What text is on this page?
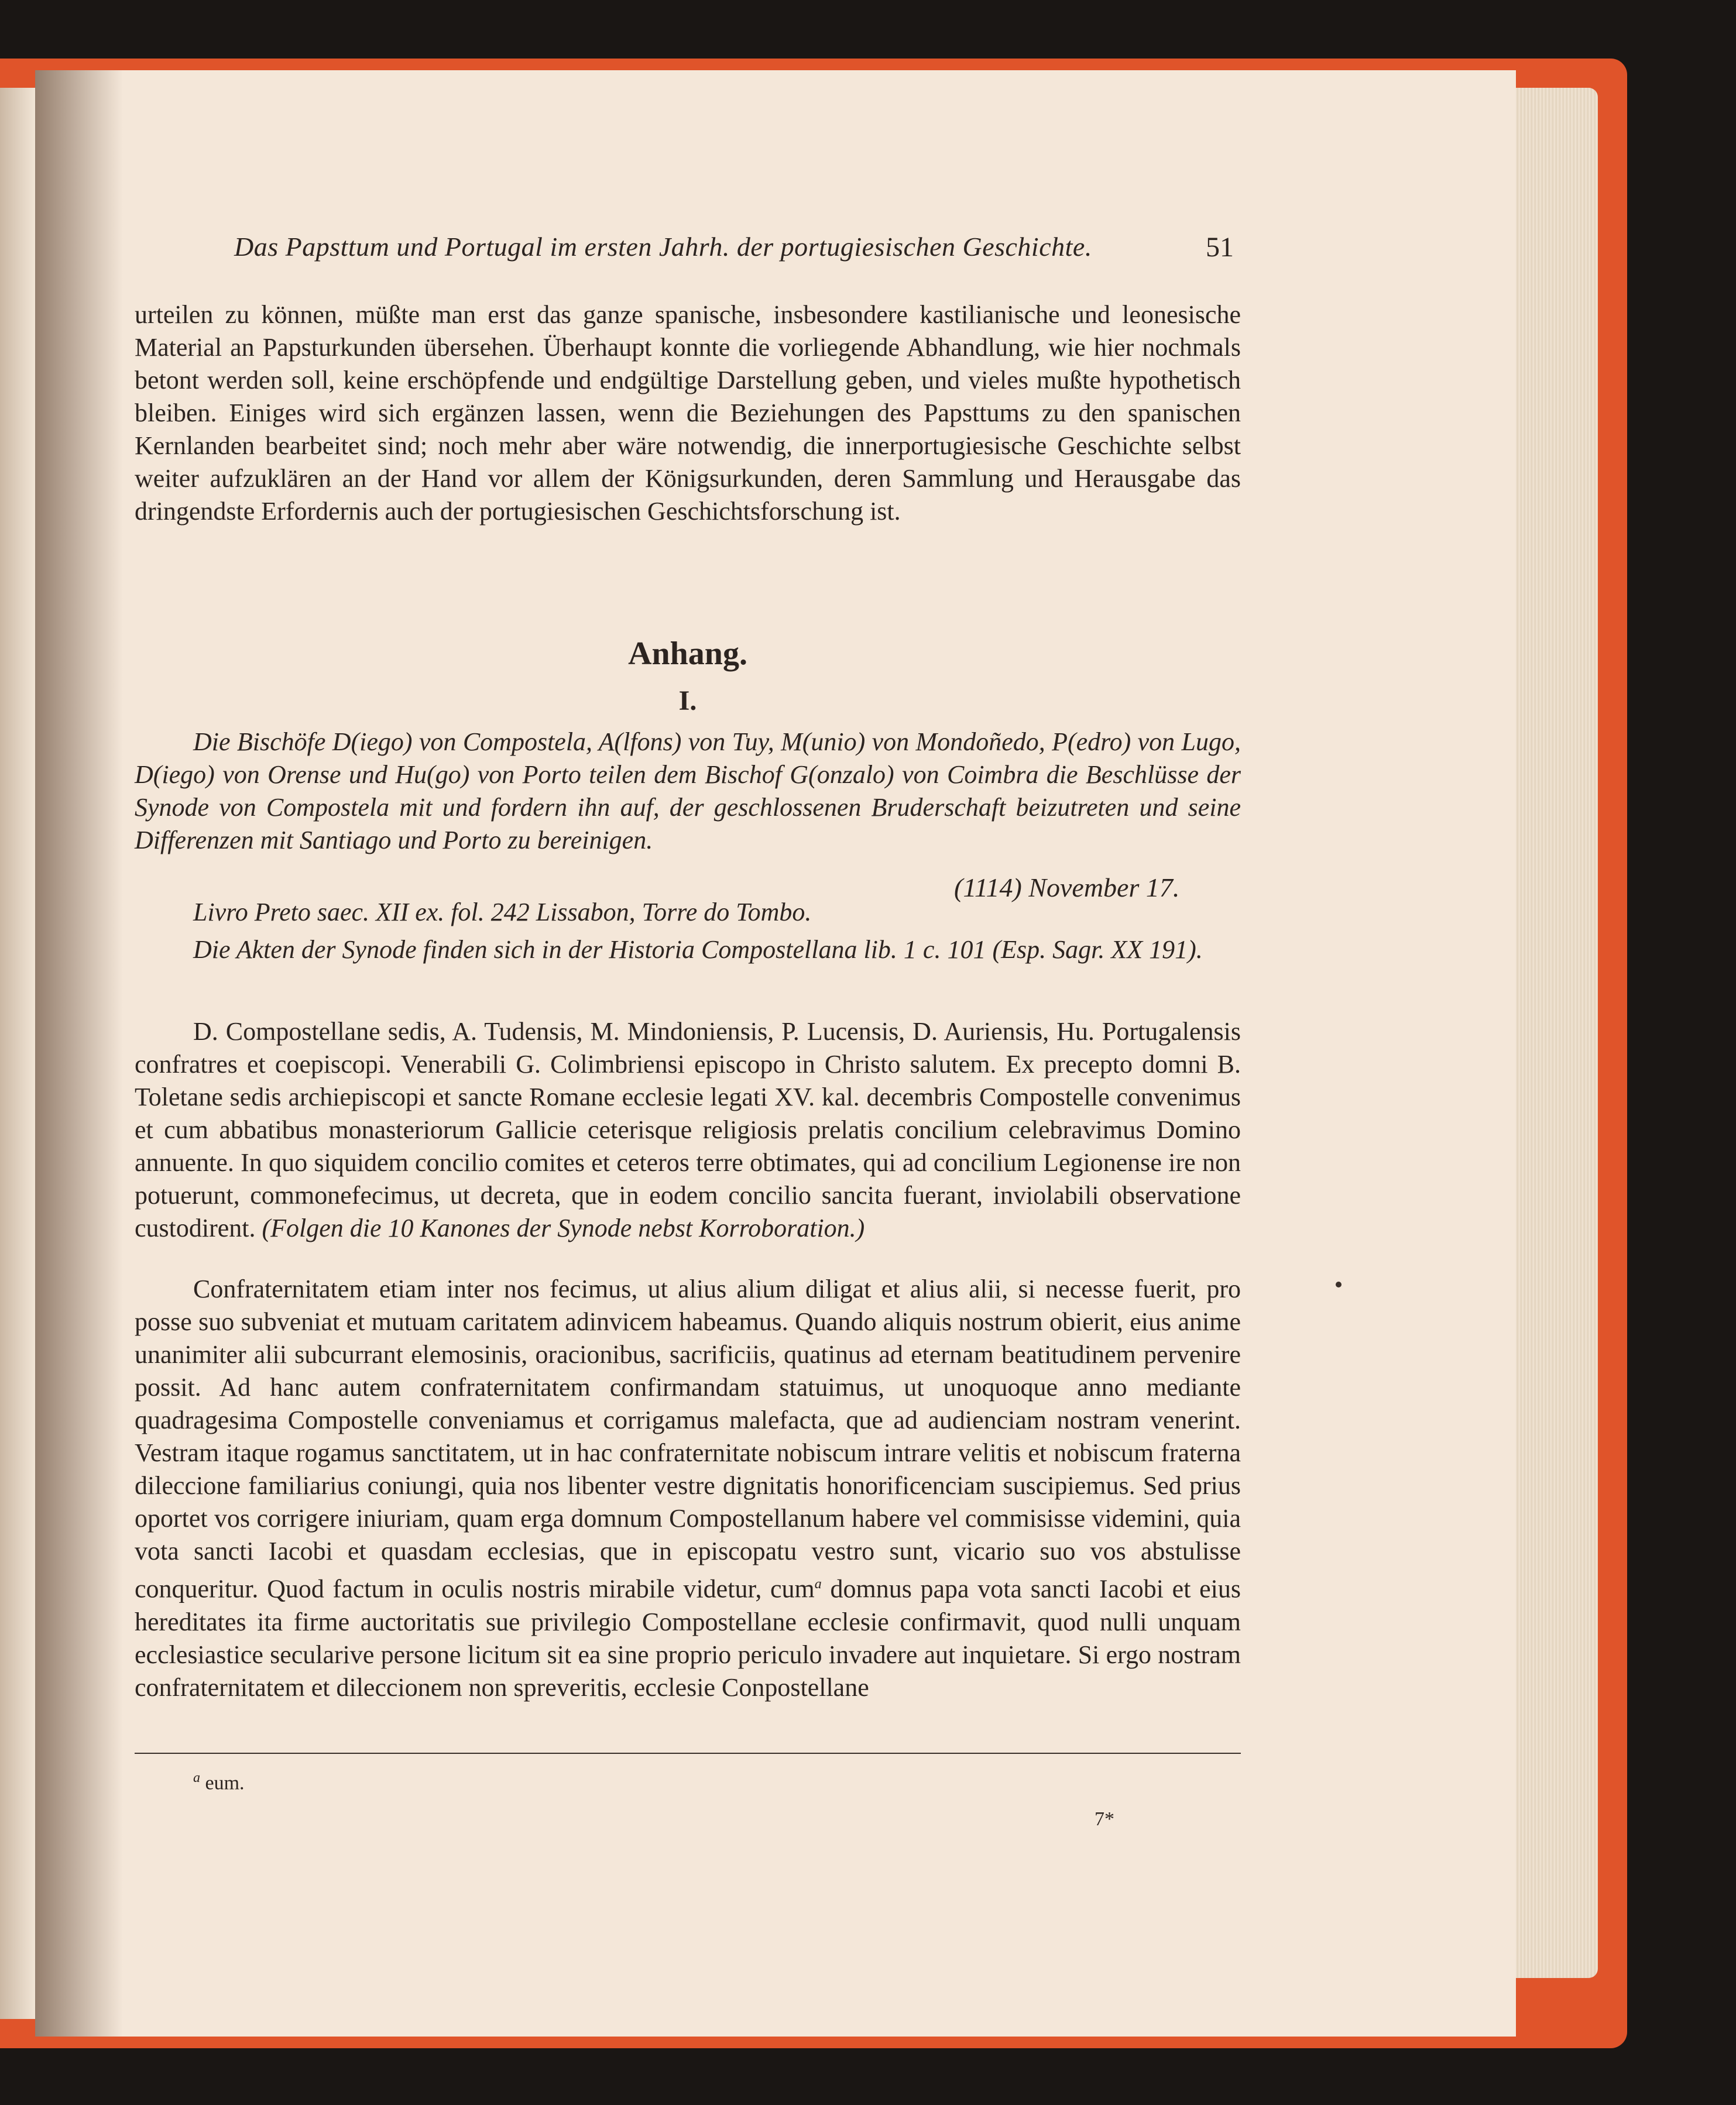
Das Papsttum und Portugal im ersten Jahrh. der portugiesischen Geschichte.	51

urteilen zu können, müßte man erst das ganze spanische, insbesondere kastilianische und leonesische Material an Papsturkunden übersehen. Überhaupt konnte die vorliegende Abhandlung, wie hier nochmals betont werden soll, keine erschöpfende und endgültige Darstellung geben, und vieles mußte hypothetisch bleiben. Einiges wird sich ergänzen lassen, wenn die Beziehungen des Papsttums zu den spanischen Kernlanden bearbeitet sind; noch mehr aber wäre notwendig, die innerportugiesische Geschichte selbst weiter aufzuklären an der Hand vor allem der Königsurkunden, deren Sammlung und Herausgabe das dringendste Erfordernis auch der portugiesischen Geschichtsforschung ist.

Anhang.
I.

Die Bischöfe D(iego) von Compostela, A(lfons) von Tuy, M(unio) von Mondoñedo, P(edro) von Lugo, D(iego) von Orense und Hu(go) von Porto teilen dem Bischof G(onzalo) von Coimbra die Beschlüsse der Synode von Compostela mit und fordern ihn auf, der geschlossenen Bruderschaft beizutreten und seine Differenzen mit Santiago und Porto zu bereinigen.

(1114) November 17.
Livro Preto saec. XII ex. fol. 242 Lissabon, Torre do Tombo.

Die Akten der Synode finden sich in der Historia Compostellana lib. 1 c. 101 (Esp. Sagr. XX 191).

D. Compostellane sedis, A. Tudensis, M. Mindoniensis, P. Lucensis, D. Auriensis, Hu. Portugalensis confratres et coepiscopi. Venerabili G. Colimbriensi episcopo in Christo salutem. Ex precepto domni B. Toletane sedis archiepiscopi et sancte Romane ecclesie legati XV. kal. decembris Compostelle convenimus et cum abbatibus monasteriorum Gallicie ceterisque religiosis prelatis concilium celebravimus Domino annuente. In quo siquidem concilio comites et ceteros terre obtimates, qui ad concilium Legionense ire non potuerunt, commonefecimus, ut decreta, que in eodem concilio sancita fuerant, inviolabili observatione custodirent. (Folgen die 10 Kanones der Synode nebst Korroboration.)

Confraternitatem etiam inter nos fecimus, ut alius alium diligat et alius alii, si necesse fuerit, pro posse suo subveniat et mutuam caritatem adinvicem habeamus. Quando aliquis nostrum obierit, eius anime unanimiter alii subcurrant elemosinis, oracionibus, sacrificiis, quatinus ad eternam beatitudinem pervenire possit. Ad hanc autem confraternitatem confirmandam statuimus, ut unoquoque anno mediante quadragesima Compostelle conveniamus et corrigamus malefacta, que ad audienciam nostram venerint. Vestram itaque rogamus sanctitatem, ut in hac confraternitate nobiscum intrare velitis et nobiscum fraterna dileccione familiarius coniungi, quia nos libenter vestre dignitatis honorificenciam suscipiemus. Sed prius oportet vos corrigere iniuriam, quam erga domnum Compostellanum habere vel commisisse videmini, quia vota sancti Iacobi et quasdam ecclesias, que in episcopatu vestro sunt, vicario suo vos abstulisse conqueritur. Quod factum in oculis nostris mirabile videtur, cum$^a$ domnus papa vota sancti Iacobi et eius hereditates ita firme auctoritatis sue privilegio Compostellane ecclesie confirmavit, quod nulli unquam ecclesiastice secularive persone licitum sit ea sine proprio periculo invadere aut inquietare. Si ergo nostram confraternitatem et dileccionem non spreveritis, ecclesie Conpostellane

$^a$ eum.
7*
